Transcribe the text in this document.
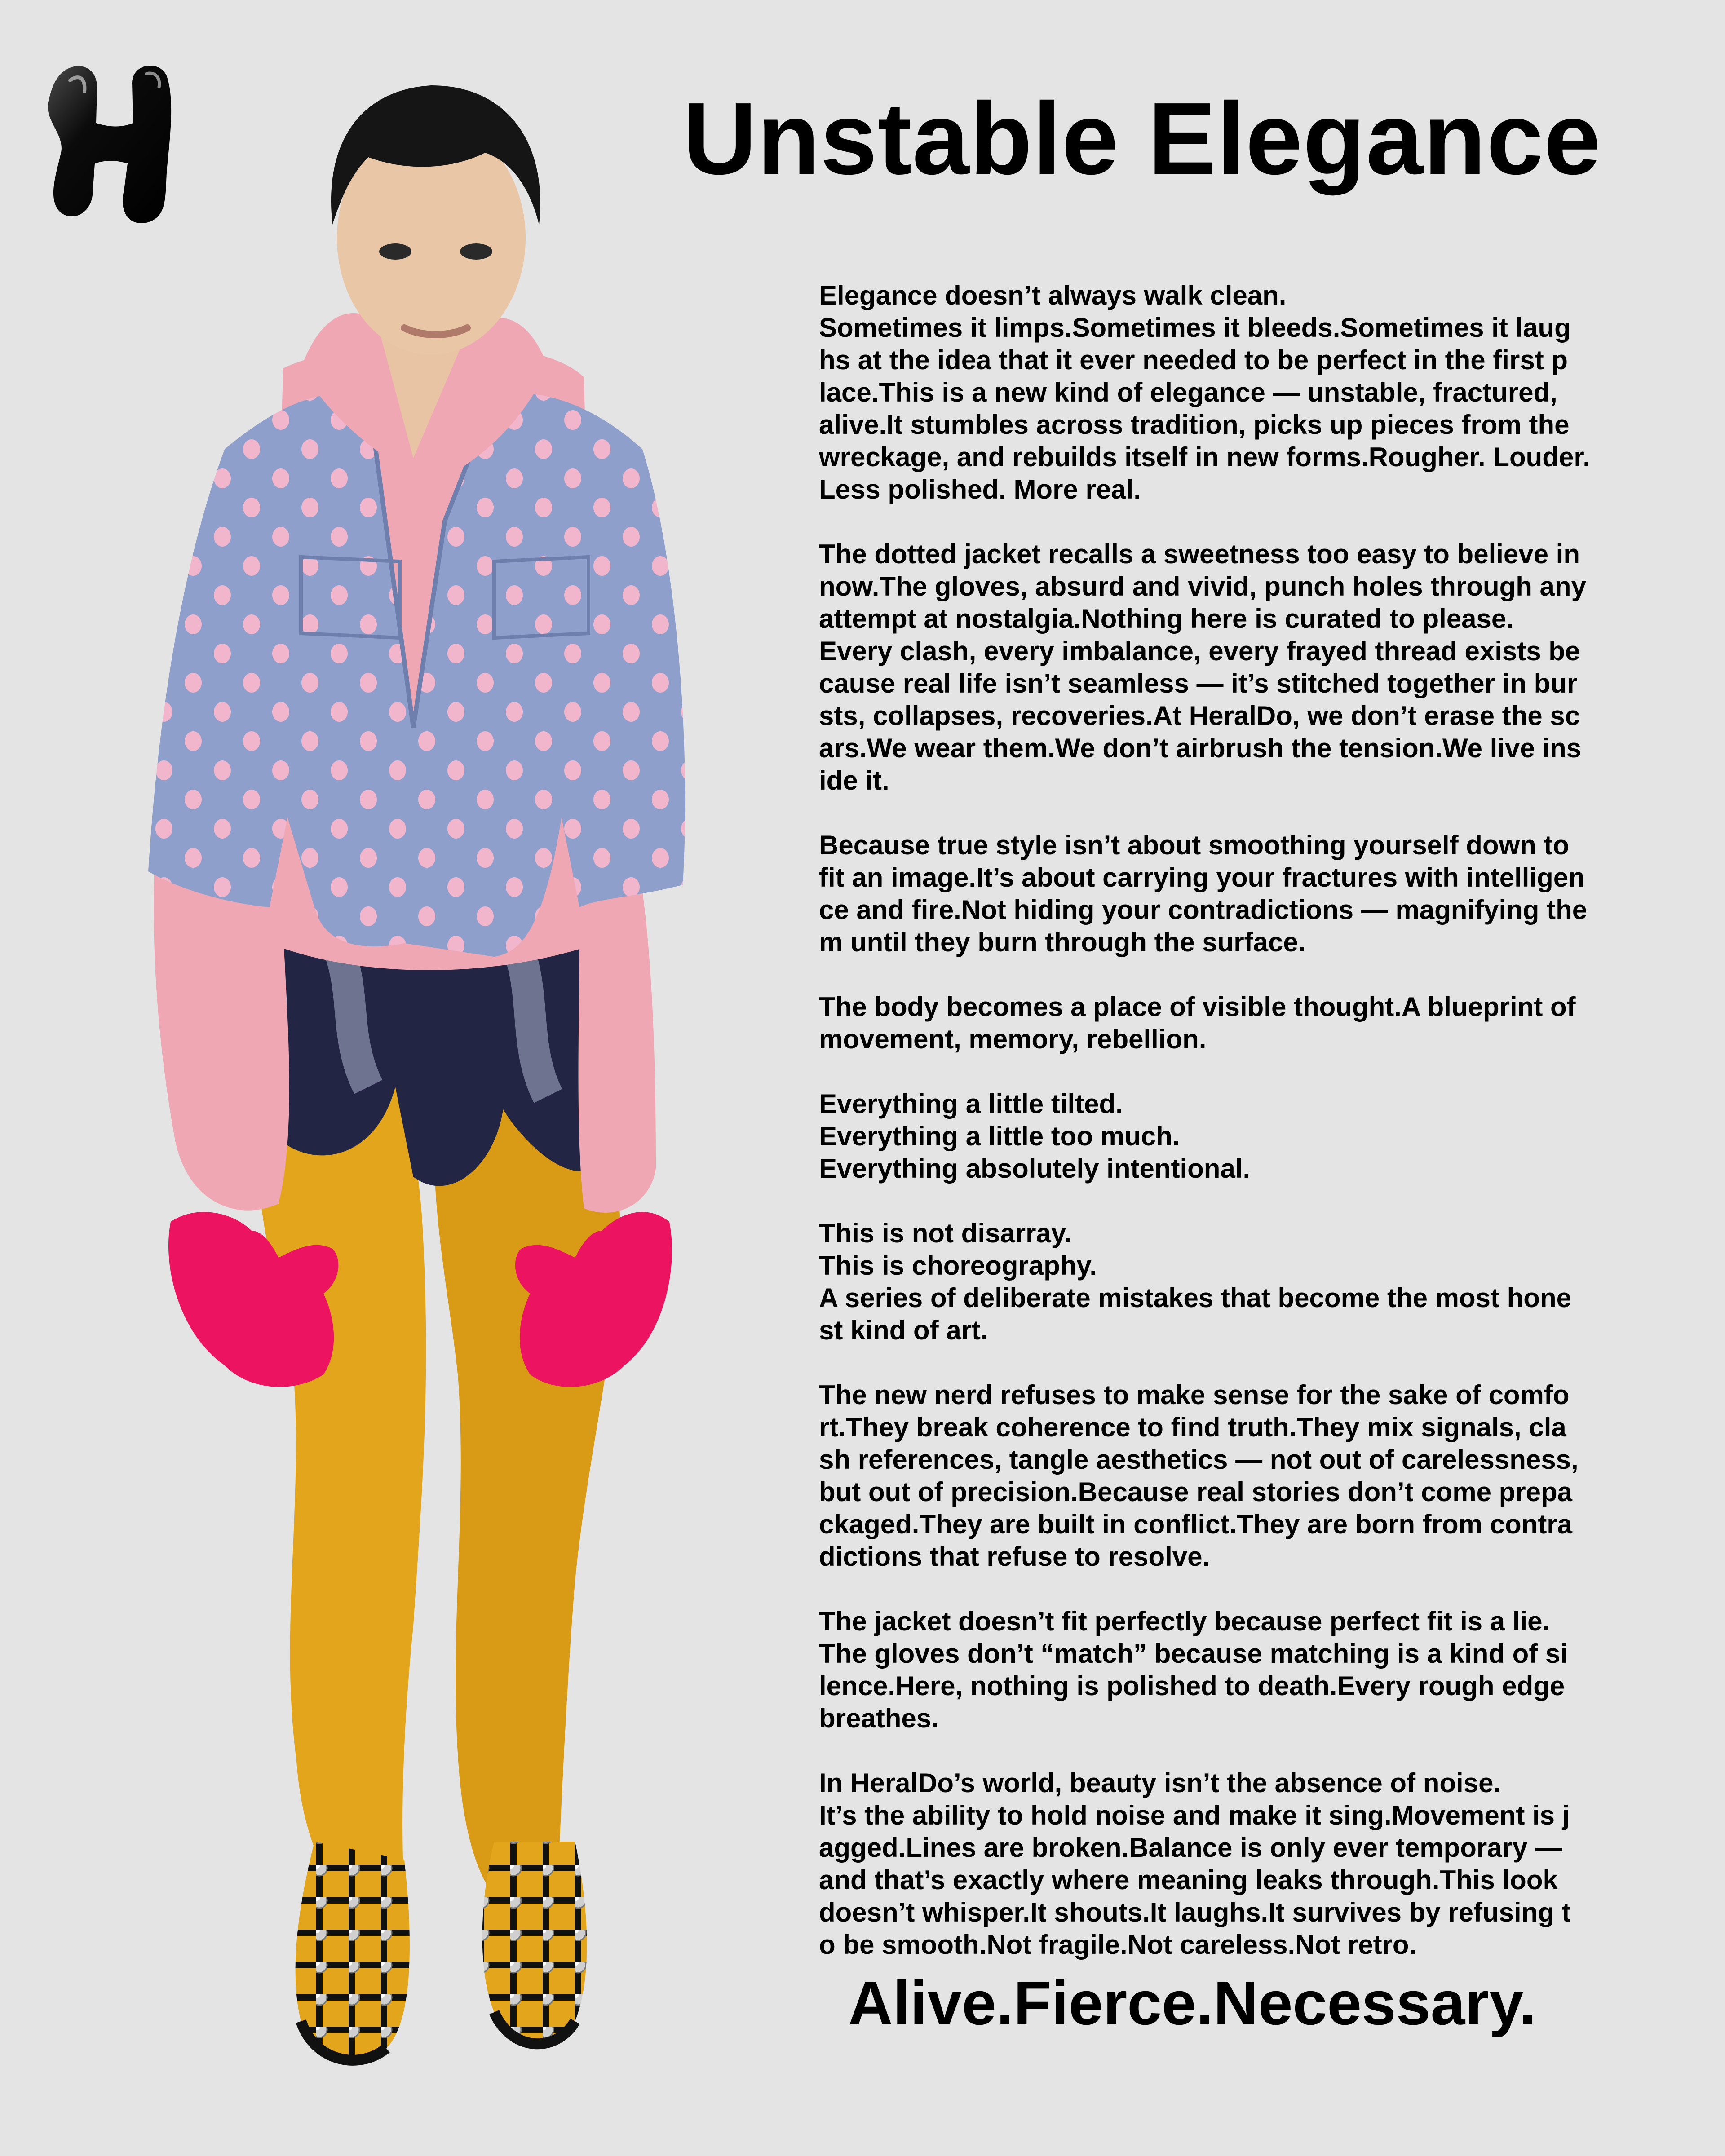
Unstable Elegance

Elegance doesn’t always walk clean.
Sometimes it limps.Sometimes it bleeds.Sometimes it laug
hs at the idea that it ever needed to be perfect in the first p
lace.This is a new kind of elegance — unstable, fractured,
alive.It stumbles across tradition, picks up pieces from the
wreckage, and rebuilds itself in new forms.Rougher. Louder.
Less polished. More real.

The dotted jacket recalls a sweetness too easy to believe in
now.The gloves, absurd and vivid, punch holes through any
attempt at nostalgia.Nothing here is curated to please.
Every clash, every imbalance, every frayed thread exists be
cause real life isn’t seamless — it’s stitched together in bur
sts, collapses, recoveries.At HeralDo, we don’t erase the sc
ars.We wear them.We don’t airbrush the tension.We live ins
ide it.

Because true style isn’t about smoothing yourself down to
fit an image.It’s about carrying your fractures with intelligen
ce and fire.Not hiding your contradictions — magnifying the
m until they burn through the surface.

The body becomes a place of visible thought.A blueprint of
movement, memory, rebellion.

Everything a little tilted.
Everything a little too much.
Everything absolutely intentional.

This is not disarray.
This is choreography.
A series of deliberate mistakes that become the most hone
st kind of art.

The new nerd refuses to make sense for the sake of comfo
rt.They break coherence to find truth.They mix signals, cla
sh references, tangle aesthetics — not out of carelessness,
but out of precision.Because real stories don’t come prepa
ckaged.They are built in conflict.They are born from contra
dictions that refuse to resolve.

The jacket doesn’t fit perfectly because perfect fit is a lie.
The gloves don’t “match” because matching is a kind of si
lence.Here, nothing is polished to death.Every rough edge
breathes.

In HeralDo’s world, beauty isn’t the absence of noise.
It’s the ability to hold noise and make it sing.Movement is j
agged.Lines are broken.Balance is only ever temporary —
and that’s exactly where meaning leaks through.This look
doesn’t whisper.It shouts.It laughs.It survives by refusing t
o be smooth.Not fragile.Not careless.Not retro.

Alive.Fierce.Necessary.
